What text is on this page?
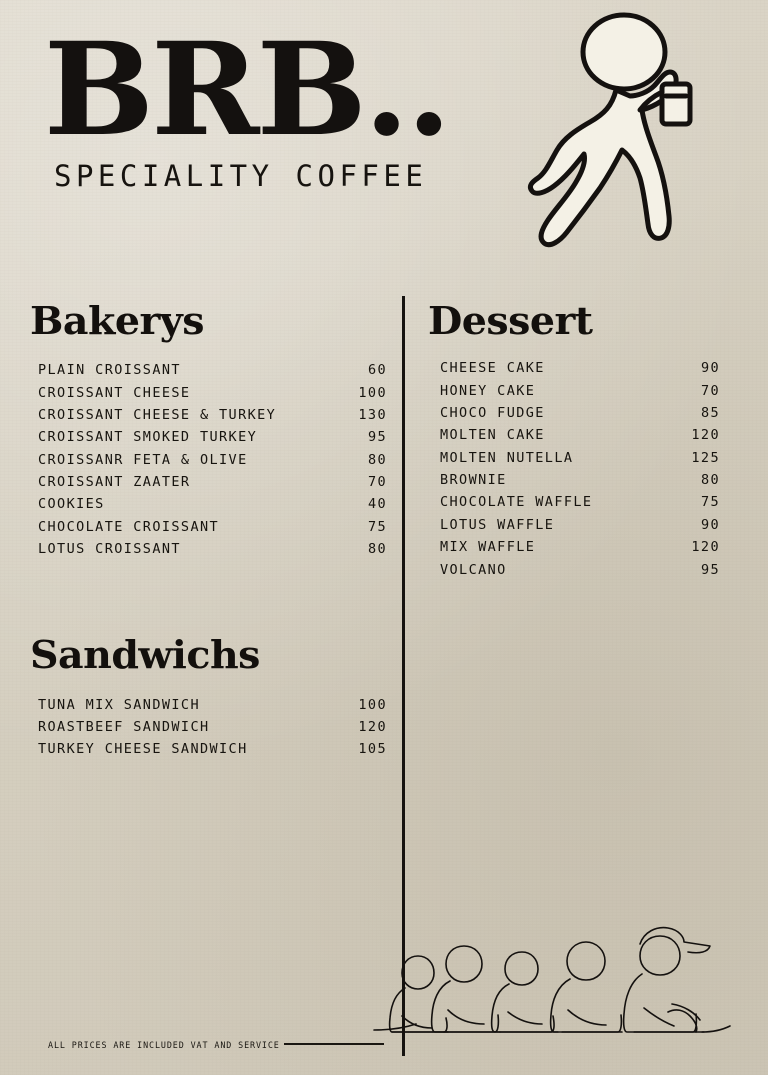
BRB..
SPECIALITY COFFEE
Bakerys
PLAIN CROISSANT	60
CROISSANT CHEESE	100
CROISSANT CHEESE & TURKEY	130
CROISSANT SMOKED TURKEY	95
CROISSANR FETA & OLIVE	80
CROISSANT ZAATER	70
COOKIES	40
CHOCOLATE CROISSANT	75
LOTUS CROISSANT	80
Sandwichs
TUNA MIX SANDWICH	100
ROASTBEEF SANDWICH	120
TURKEY CHEESE SANDWICH	105
Dessert
CHEESE CAKE	90
HONEY CAKE	70
CHOCO FUDGE	85
MOLTEN CAKE	120
MOLTEN NUTELLA	125
BROWNIE	80
CHOCOLATE WAFFLE	75
LOTUS WAFFLE	90
MIX WAFFLE	120
VOLCANO	95
ALL PRICES ARE INCLUDED VAT AND SERVICE
